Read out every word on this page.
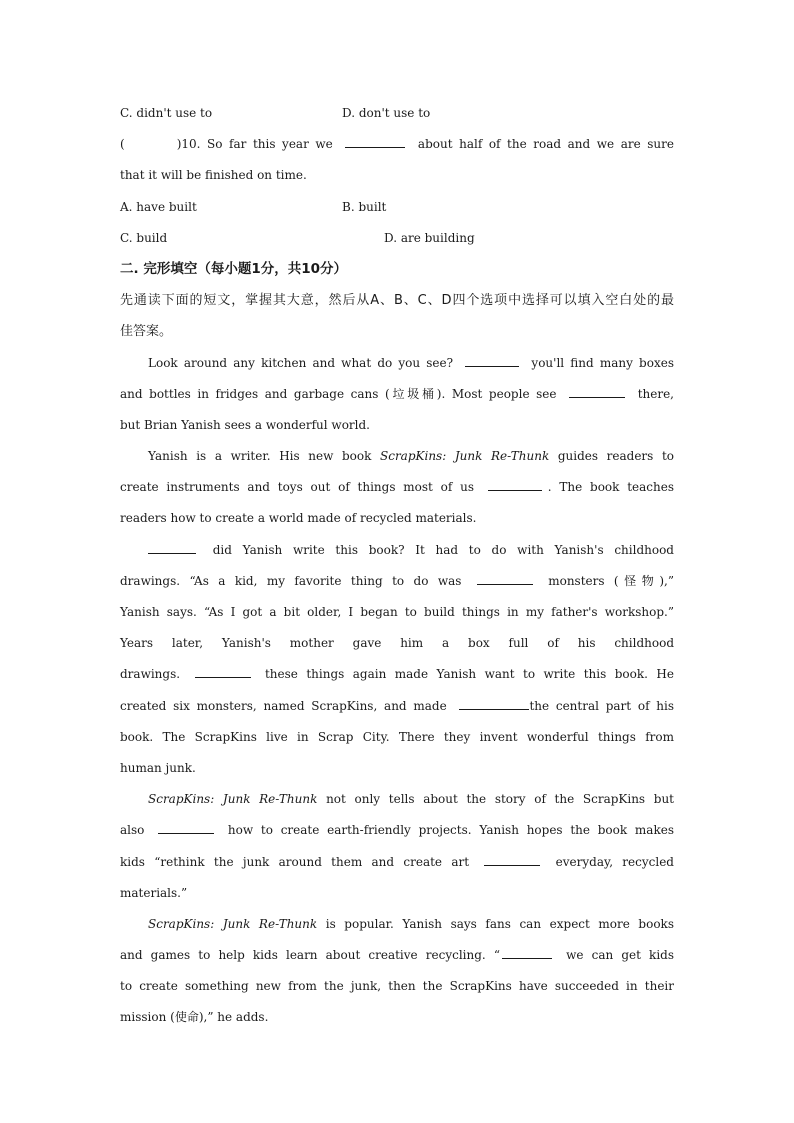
C. didn't use to	D. don't use to
(	)10. So far this year we	about half of the road and we are sure
that it will be finished on time.
A. have built	B. built
C. build	D. are building
二. 完形填空（每小题1分，共10分）
先通读下面的短文，掌握其大意，然后从A、B、C、D四个选项中选择可以填入空白处的最
佳答案。
Look around any kitchen and what do you see?	you'll find many boxes
and bottles in fridges and garbage cans (垃圾桶). Most people see	there,
but Brian Yanish sees a wonderful world.
Yanish is a writer. His new book ScrapKins: Junk Re-Thunk guides readers to
create instruments and toys out of things most of us	. The book teaches
readers how to create a world made of recycled materials.
did Yanish write this book? It had to do with Yanish's childhood
drawings. “As a kid, my favorite thing to do was	monsters (怪物),”
Yanish says. “As I got a bit older, I began to build things in my father's workshop.”
Years later, Yanish's mother gave him a box full of his childhood
drawings.	these things again made Yanish want to write this book. He
created six monsters, named ScrapKins, and made	the central part of his
book. The ScrapKins live in Scrap City. There they invent wonderful things from
human junk.
ScrapKins: Junk Re-Thunk not only tells about the story of the ScrapKins but
also	how to create earth-friendly projects. Yanish hopes the book makes
kids “rethink the junk around them and create art	everyday, recycled
materials.”
ScrapKins: Junk Re-Thunk is popular. Yanish says fans can expect more books
and games to help kids learn about creative recycling. “	we can get kids
to create something new from the junk, then the ScrapKins have succeeded in their
mission (使命),” he adds.
